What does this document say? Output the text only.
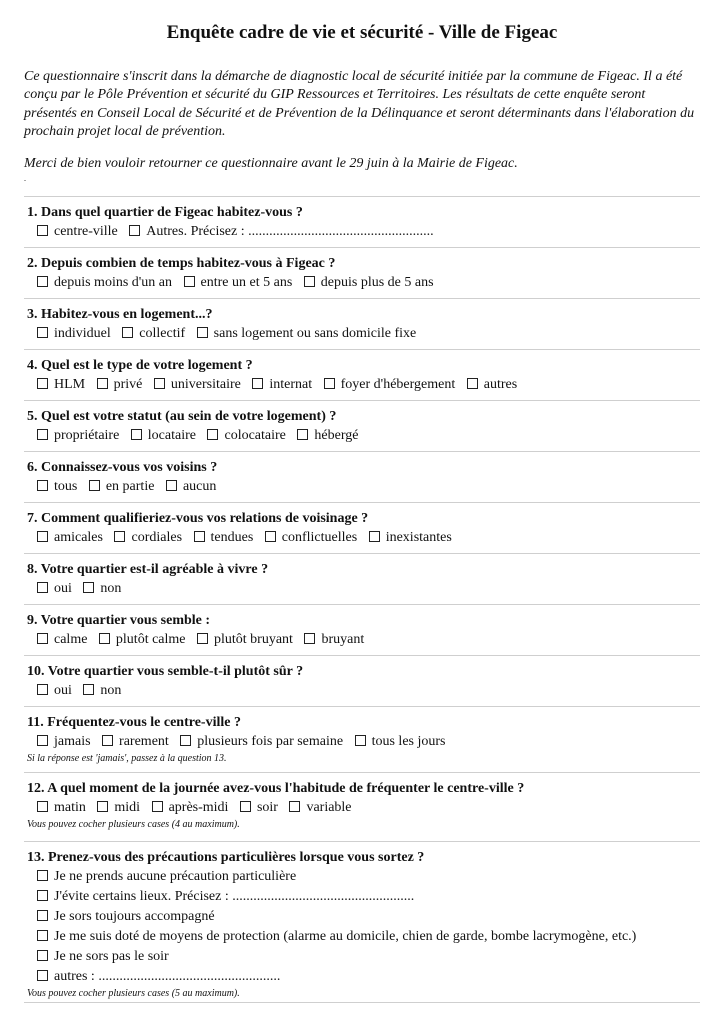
Enquête cadre de vie et sécurité - Ville de Figeac

Ce questionnaire s'inscrit dans la démarche de diagnostic local de sécurité initiée par la commune de Figeac. Il a été conçu par le Pôle Prévention et sécurité du GIP Ressources et Territoires. Les résultats de cette enquête seront présentés en Conseil Local de Sécurité et de Prévention de la Délinquance et seront déterminants dans l'élaboration du prochain projet local de prévention.

Merci de bien vouloir retourner ce questionnaire avant le 29 juin à la Mairie de Figeac.

.

1. Dans quel quartier de Figeac habitez-vous ?

centre-ville Autres. Précisez : .....................................................

2. Depuis combien de temps habitez-vous à Figeac ?

depuis moins d'un an entre un et 5 ans depuis plus de 5 ans

3. Habitez-vous en logement...?

individuel collectif sans logement ou sans domicile fixe

4. Quel est le type de votre logement ?

HLM privé universitaire internat foyer d'hébergement autres

5. Quel est votre statut (au sein de votre logement) ?

propriétaire locataire colocataire hébergé

6. Connaissez-vous vos voisins ?

tous en partie aucun

7. Comment qualifieriez-vous vos relations de voisinage ?

amicales cordiales tendues conflictuelles inexistantes

8. Votre quartier est-il agréable à vivre ?

oui non

9. Votre quartier vous semble :

calme plutôt calme plutôt bruyant bruyant

10. Votre quartier vous semble-t-il plutôt sûr ?

oui non

11. Fréquentez-vous le centre-ville ?

jamais rarement plusieurs fois par semaine tous les jours

Si la réponse est 'jamais', passez à la question 13.

12. A quel moment de la journée avez-vous l'habitude de fréquenter le centre-ville ?

matin midi après-midi soir variable

Vous pouvez cocher plusieurs cases (4 au maximum).

13. Prenez-vous des précautions particulières lorsque vous sortez ?

Je ne prends aucune précaution particulière
J'évite certains lieux. Précisez : ....................................................
Je sors toujours accompagné
Je me suis doté de moyens de protection (alarme au domicile, chien de garde, bombe lacrymogène, etc.)
Je ne sors pas le soir
autres : ....................................................

Vous pouvez cocher plusieurs cases (5 au maximum).
